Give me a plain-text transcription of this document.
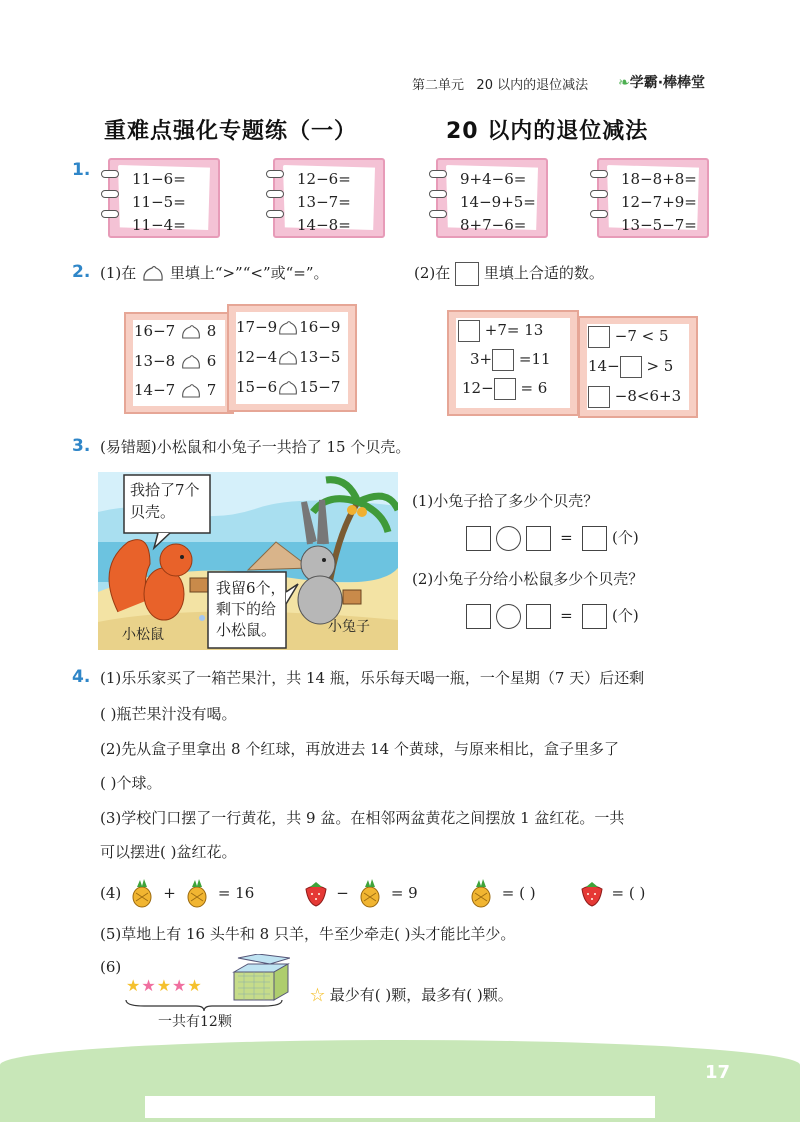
第二单元 20 以内的退位减法 ❧学霸·棒棒堂
重难点强化专题练（一）	20 以内的退位减法
1.	11−6=
11−5=
11−4=
12−6=
13−7=
14−8=
9+4−6=
14−9+5=
8+7−6=
18−8+8=
12−7+9=
13−5−7=
2. (1)在 里填上“>”“<”或“=”。	(2)在 里填上合适的数。
16−7 8
13−8 6
14−7 7
17−9 16−9
12−4 13−5
15−6 15−7
+7= 13
3+ =11
12− = 6
−7 < 5
14− > 5
−8<6+3
3. (易错题)小松鼠和小兔子一共拾了 15 个贝壳。
我拾了7个
贝壳。
我留6个，
剩下的给
小松鼠。
小松鼠	小兔子
(1)小兔子拾了多少个贝壳？
=	(个)
(2)小兔子分给小松鼠多少个贝壳？
=	(个)
4. (1)乐乐家买了一箱芒果汁，共 14 瓶，乐乐每天喝一瓶，一个星期（7 天）后还剩
( )瓶芒果汁没有喝。
(2)先从盒子里拿出 8 个红球，再放进去 14 个黄球，与原来相比，盒子里多了
( )个球。
(3)学校门口摆了一行黄花，共 9 盆。在相邻两盆黄花之间摆放 1 盆红花。一共
可以摆进( )盆红花。
(4)	+	= 16	−	= 9	= ( )	= ( )
(5)草地上有 16 头牛和 8 只羊，牛至少牵走( )头才能比羊少。
(6)
★★★★★
一共有12颗
☆ 最少有( )颗，最多有( )颗。
17
